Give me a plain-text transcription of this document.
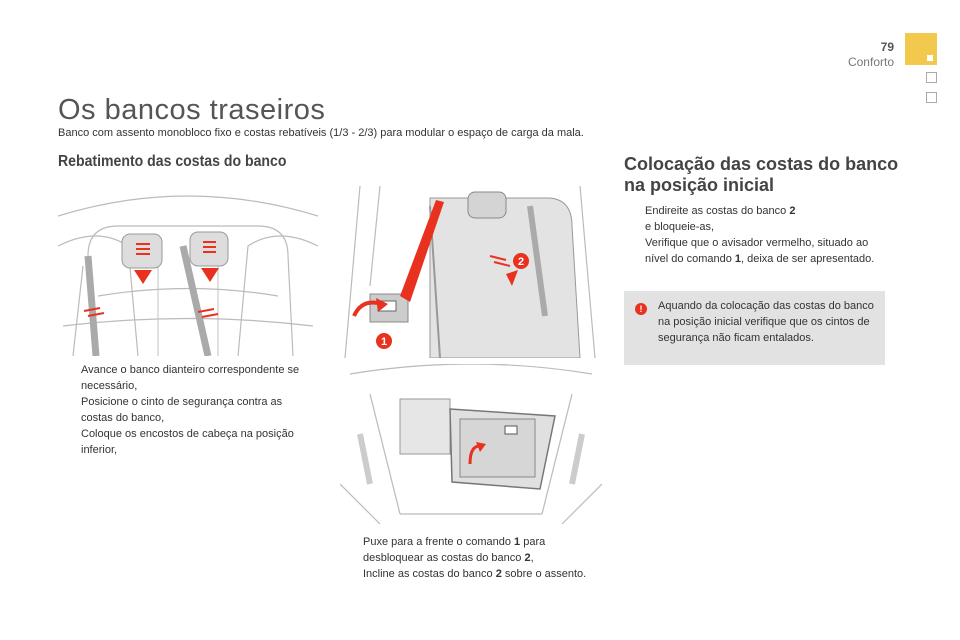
79
Conforto
Os bancos traseiros
Banco com assento monobloco fixo e costas rebatíveis (1/3 - 2/3) para modular o espaço de carga da mala.
Rebatimento das costas do banco
1
2
Avance o banco dianteiro correspondente se necessário,
Posicione o cinto de segurança contra as costas do banco,
Coloque os encostos de cabeça na posição inferior,
Puxe para a frente o comando 1 para desbloquear as costas do banco 2,
Incline as costas do banco 2 sobre o assento.
Colocação das costas do banco na posição inicial
Endireite as costas do banco 2
e bloqueie-as,
Verifique que o avisador vermelho, situado ao nível do comando 1, deixa de ser apresentado.
!	Aquando da colocação das costas do banco na posição inicial verifique que os cintos de segurança não ficam entalados.
